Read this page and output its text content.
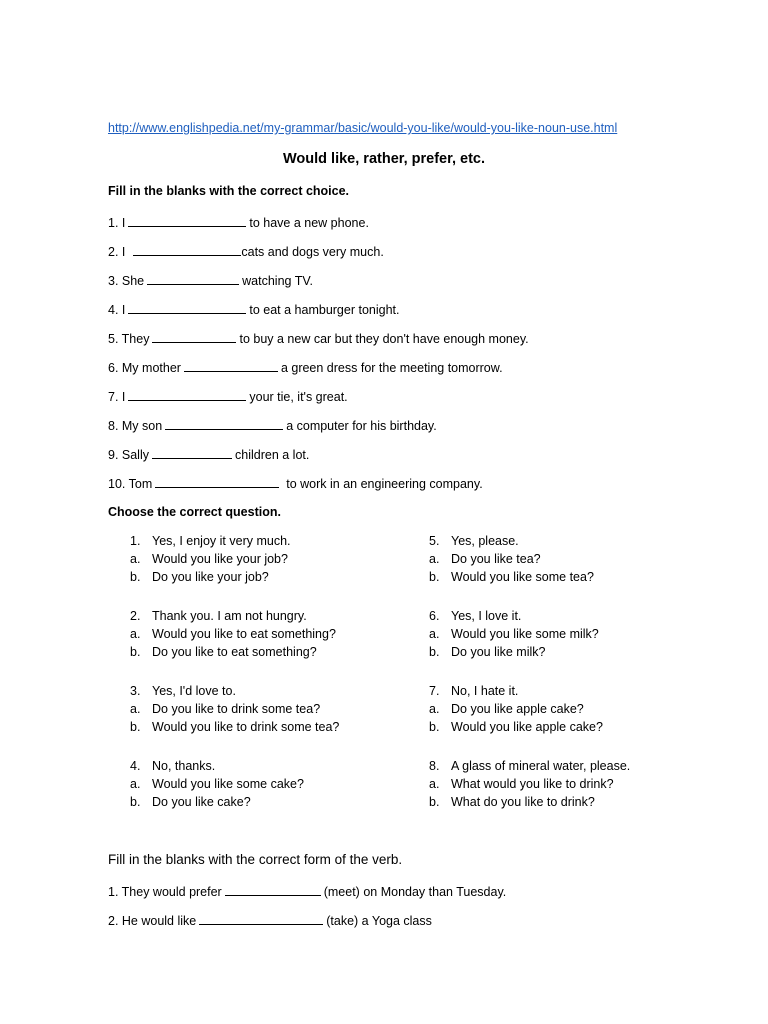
http://www.englishpedia.net/my-grammar/basic/would-you-like/would-you-like-noun-use.html
Would like, rather, prefer, etc.
Fill in the blanks with the correct choice.
1. I	to have a new phone.
2. I	cats and dogs very much.
3. She	watching TV.
4. I	to eat a hamburger tonight.
5. They	to buy a new car but they don't have enough money.
6. My mother	a green dress for the meeting tomorrow.
7. I	your tie, it's great.
8. My son	a computer for his birthday.
9. Sally	children a lot.
10. Tom	to work in an engineering company.
Choose the correct question.
1. Yes, I enjoy it very much.
a. Would you like your job?
b. Do you like your job?
2. Thank you. I am not hungry.
a. Would you like to eat something?
b. Do you like to eat something?
3. Yes, I'd love to.
a. Do you like to drink some tea?
b. Would you like to drink some tea?
4. No, thanks.
a. Would you like some cake?
b. Do you like cake?
5. Yes, please.
a. Do you like tea?
b. Would you like some tea?
6. Yes, I love it.
a. Would you like some milk?
b. Do you like milk?
7. No, I hate it.
a. Do you like apple cake?
b. Would you like apple cake?
8. A glass of mineral water, please.
a. What would you like to drink?
b. What do you like to drink?
Fill in the blanks with the correct form of the verb.
1. They would prefer	(meet) on Monday than Tuesday.
2. He would like	(take) a Yoga class
